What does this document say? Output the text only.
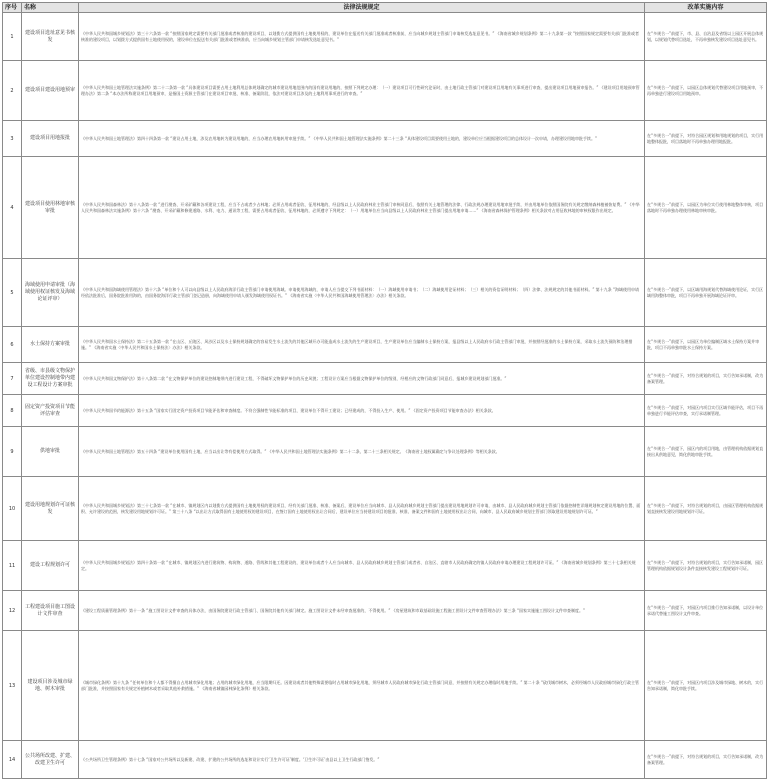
序号	名称	法律法规规定	改革实施内容
1	建设项目选址意见书核发	《中华人民共和国城乡规划法》第三十六条第一款 “按照国家规定需要有关部门批准或者核准的建设项目，以划拨方式提供国有土地使用权的，建设单位在报送有关部门批准或者核准前，应当向城乡规划主管部门申请核发选址意见书。” 《海南省城乡规划条例》第二十九条第一款 “按照国家规定需要有关部门批准或者核准的建设项目，以划拨方式提供国有土地使用权的，建设单位在报送有关部门批准或者核准前，应当向城乡规划主管部门申请核发选址意见书。”	在“多规合一”前提下，市、县、自治县及省级以上园区开展总体规划，以规划代替项目选址，不再单独核发建设项目选址意见书。
2	建设项目建设用地预审	《中华人民共和国土地管理法实施条例》第二十二条第一款 “具体建设项目需要占用土地利用总体规划确定的城市建设用地范围内的国有建设用地的，按照下列规定办理：（一）建设项目可行性研究论证时，由土地行政主管部门对建设项目用地有关事项进行审查，提出建设项目用地预审报告。” 《建设项目用地预审管理办法》第二条 “本办法所称建设项目用地预审，是指国土资源主管部门在建设项目审批、核准、备案阶段，依法对建设项目涉及的土地利用事项进行的审查。”	在“多规合一”前提下，以园区总体规划代替建设项目用地预审，不再单独进行建设项目用地预审。
3	建设项目用地报批	《中华人民共和国土地管理法》第四十四条第一款 “建设占用土地，涉及农用地转为建设用地的，应当办理农用地转用审批手续。” 《中华人民共和国土地管理法实施条例》第二十三条 “具体建设项目需要使用土地的，建设单位应当根据建设项目的总体设计一次申请，办理建设用地审批手续。”	在“多规合一”前提下，对符合园区规划和用地规划的项目，实行用地整体报批，项目落地时不再单独办理用地报批。
4	建设项目使用林地审核审批	《中华人民共和国森林法》第十八条第一款 “进行勘查、开采矿藏和各项建设工程，应当不占或者少占林地；必须占用或者征收、征用林地的，经县级以上人民政府林业主管部门审核同意后，依照有关土地管理的法律、行政法规办理建设用地审批手续，并由用地单位依照国务院有关规定缴纳森林植被恢复费。” 《中华人民共和国森林法实施条例》第十六条 “勘查、开采矿藏和修建道路、水利、电力、通讯等工程，需要占用或者征收、征用林地的，必须遵守下列规定：（一）用地单位应当向县级以上人民政府林业主管部门提出用地申请……” 《海南省森林保护管理条例》相关条款对占用征收林地的审核权限作出规定。	在“多规合一”前提下，以园区为单位实行使用林地整体审核，项目落地时不再单独办理使用林地审核审批。
5	海域使用申请审批（海域使用权证核发及海域论证评审）	《中华人民共和国海域使用管理法》第十六条 “单位和个人可以向县级以上人民政府海洋行政主管部门申请使用海域。申请使用海域的，申请人应当提交下列书面材料：（一）海域使用申请书；（二）海域使用论证材料；（三）相关的资信证明材料；（四）法律、法规规定的其他书面材料。” 第十九条 “海域使用申请经依法批准后，国务院批准用海的，由国务院海洋行政主管部门登记造册，向海域使用申请人颁发海域使用权证书。” 《海南省实施〈中华人民共和国海域使用管理法〉办法》相关条款。	在“多规合一”前提下，以区域用海规划代替海域使用论证，实行区域用海整体审批，项目不再单独开展海域论证评审。
6	水土保持方案审批	《中华人民共和国水土保持法》第二十五条第一款 “在山区、丘陵区、风沙区以及水土保持规划确定的容易发生水土流失的其他区域开办可能造成水土流失的生产建设项目，生产建设单位应当编制水土保持方案，报县级以上人民政府水行政主管部门审批，并按照经批准的水土保持方案，采取水土流失预防和治理措施。” 《海南省实施〈中华人民共和国水土保持法〉办法》相关条款。	在“多规合一”前提下，以园区为单位编制区域水土保持方案并审批，项目不再单独审批水土保持方案。
7	省级、市县级文物保护单位建设控制地带内建设工程设计方案审批	《中华人民共和国文物保护法》第十八条第二款 “在文物保护单位的建设控制地带内进行建设工程，不得破坏文物保护单位的历史风貌；工程设计方案应当根据文物保护单位的级别，经相应的文物行政部门同意后，报城乡建设规划部门批准。”	在“多规合一”前提下，对符合规划的项目，实行告知承诺制，改为备案管理。
8	固定资产投资项目节能评估审查	《中华人民共和国节约能源法》第十五条 “国家实行固定资产投资项目节能评估和审查制度。不符合强制性节能标准的项目，建设单位不得开工建设；已经建成的，不得投入生产、使用。” 《固定资产投资项目节能审查办法》相关条款。	在“多规合一”前提下，对园区内项目实行区域节能评估，项目不再单独进行节能评估审查，实行承诺制管理。
9	供地审批	《中华人民共和国土地管理法》第五十四条 “建设单位使用国有土地，应当以出让等有偿使用方式取得。” 《中华人民共和国土地管理法实施条例》第二十二条、第二十三条相关规定。《海南省土地权属确定与争议处理条例》等相关条款。	在“多规合一”前提下，园区内的项目用地，由管理机构依据规划直接出具供地意见，简化供地审批手续。
10	建设用地规划许可证核发	《中华人民共和国城乡规划法》第三十七条第一款 “在城市、镇规划区内以划拨方式提供国有土地使用权的建设项目，经有关部门批准、核准、备案后，建设单位应当向城市、县人民政府城乡规划主管部门提出建设用地规划许可申请，由城市、县人民政府城乡规划主管部门依据控制性详细规划核定建设用地的位置、面积、允许建设的范围，核发建设用地规划许可证。” 第三十八条 “以出让方式取得国有土地使用权的建设项目，在签订国有土地使用权出让合同后，建设单位应当持建设项目的批准、核准、备案文件和国有土地使用权出让合同，向城市、县人民政府城乡规划主管部门领取建设用地规划许可证。”	在“多规合一”前提下，对符合规划的项目，由园区管理机构依据规划直接核发建设用地规划许可证。
11	建设工程规划许可	《中华人民共和国城乡规划法》第四十条第一款 “在城市、镇规划区内进行建筑物、构筑物、道路、管线和其他工程建设的，建设单位或者个人应当向城市、县人民政府城乡规划主管部门或者省、自治区、直辖市人民政府确定的镇人民政府申请办理建设工程规划许可证。” 《海南省城乡规划条例》第三十七条相关规定。	在“多规合一”前提下，对符合规划的项目，实行告知承诺制，园区管理机构依据规划设计条件直接核发建设工程规划许可证。
12	工程建设项目施工图设计文件审查	《建设工程质量管理条例》第十一条 “施工图设计文件审查的具体办法，由国务院建设行政主管部门、国务院其他有关部门制定。施工图设计文件未经审查批准的，不得使用。” 《房屋建筑和市政基础设施工程施工图设计文件审查管理办法》第三条 “国家实施施工图设计文件审查制度。”	在“多规合一”前提下，对园区内项目推行告知承诺制，以设计单位承诺代替施工图设计文件审查。
13	建设项目涉及城市绿地、树木审批	《城市绿化条例》第十九条 “任何单位和个人都不得擅自占用城市绿化用地；占用的城市绿化用地，应当限期归还。因建设或者其他特殊需要临时占用城市绿化用地，须经城市人民政府城市绿化行政主管部门同意，并按照有关规定办理临时用地手续。” 第二十条 “砍伐城市树木，必须经城市人民政府城市绿化行政主管部门批准，并按照国家有关规定补植树木或者采取其他补救措施。” 《海南省城镇园林绿化条例》相关条款。	在“多规合一”前提下，对园区内项目涉及城市绿地、树木的，实行告知承诺制，简化审批手续。
14	公共场所改建、扩建、改建卫生许可	《公共场所卫生管理条例》第十七条 “国家对公共场所以及新建、改建、扩建的公共场所的选址和设计实行‘卫生许可证’制度。‘卫生许可证’由县以上卫生行政部门签发。”	在“多规合一”前提下，对符合规划的项目，实行告知承诺制，改为备案管理。
